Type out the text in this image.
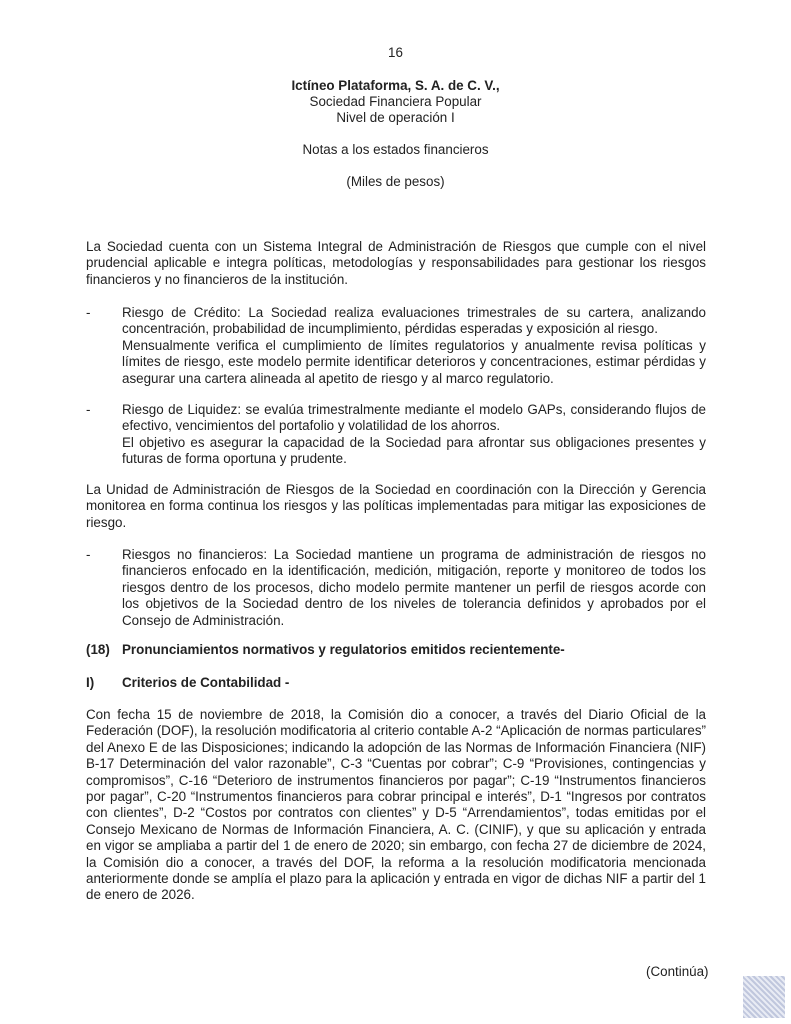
16
Ictíneo Plataforma, S. A. de C. V.,
Sociedad Financiera Popular
Nivel de operación I
Notas a los estados financieros
(Miles de pesos)
La Sociedad cuenta con un Sistema Integral de Administración de Riesgos que cumple con el nivel prudencial aplicable e integra políticas, metodologías y responsabilidades para gestionar los riesgos financieros y no financieros de la institución.
-	Riesgo de Crédito: La Sociedad realiza evaluaciones trimestrales de su cartera, analizando concentración, probabilidad de incumplimiento, pérdidas esperadas y exposición al riesgo.

Mensualmente verifica el cumplimiento de límites regulatorios y anualmente revisa políticas y límites de riesgo, este modelo permite identificar deterioros y concentraciones, estimar pérdidas y asegurar una cartera alineada al apetito de riesgo y al marco regulatorio.

-	Riesgo de Liquidez: se evalúa trimestralmente mediante el modelo GAPs, considerando flujos de efectivo, vencimientos del portafolio y volatilidad de los ahorros.

El objetivo es asegurar la capacidad de la Sociedad para afrontar sus obligaciones presentes y futuras de forma oportuna y prudente.

La Unidad de Administración de Riesgos de la Sociedad en coordinación con la Dirección y Gerencia monitorea en forma continua los riesgos y las políticas implementadas para mitigar las exposiciones de riesgo.
-	Riesgos no financieros: La Sociedad mantiene un programa de administración de riesgos no financieros enfocado en la identificación, medición, mitigación, reporte y monitoreo de todos los riesgos dentro de los procesos, dicho modelo permite mantener un perfil de riesgos acorde con los objetivos de la Sociedad dentro de los niveles de tolerancia definidos y aprobados por el Consejo de Administración.

(18) Pronunciamientos normativos y regulatorios emitidos recientemente-
I)	Criterios de Contabilidad -
Con fecha 15 de noviembre de 2018, la Comisión dio a conocer, a través del Diario Oficial de la Federación (DOF), la resolución modificatoria al criterio contable A-2 “Aplicación de normas particulares” del Anexo E de las Disposiciones; indicando la adopción de las Normas de Información Financiera (NIF) B-17 Determinación del valor razonable”, C-3 “Cuentas por cobrar”; C-9 “Provisiones, contingencias y compromisos”, C-16 “Deterioro de instrumentos financieros por pagar”; C-19 “Instrumentos financieros por pagar”, C-20 “Instrumentos financieros para cobrar principal e interés”, D-1 “Ingresos por contratos con clientes”, D-2 “Costos por contratos con clientes” y D-5 “Arrendamientos”, todas emitidas por el Consejo Mexicano de Normas de Información Financiera, A. C. (CINIF), y que su aplicación y entrada en vigor se ampliaba a partir del 1 de enero de 2020; sin embargo, con fecha 27 de diciembre de 2024, la Comisión dio a conocer, a través del DOF, la reforma a la resolución modificatoria mencionada anteriormente donde se amplía el plazo para la aplicación y entrada en vigor de dichas NIF a partir del 1 de enero de 2026.
(Continúa)
